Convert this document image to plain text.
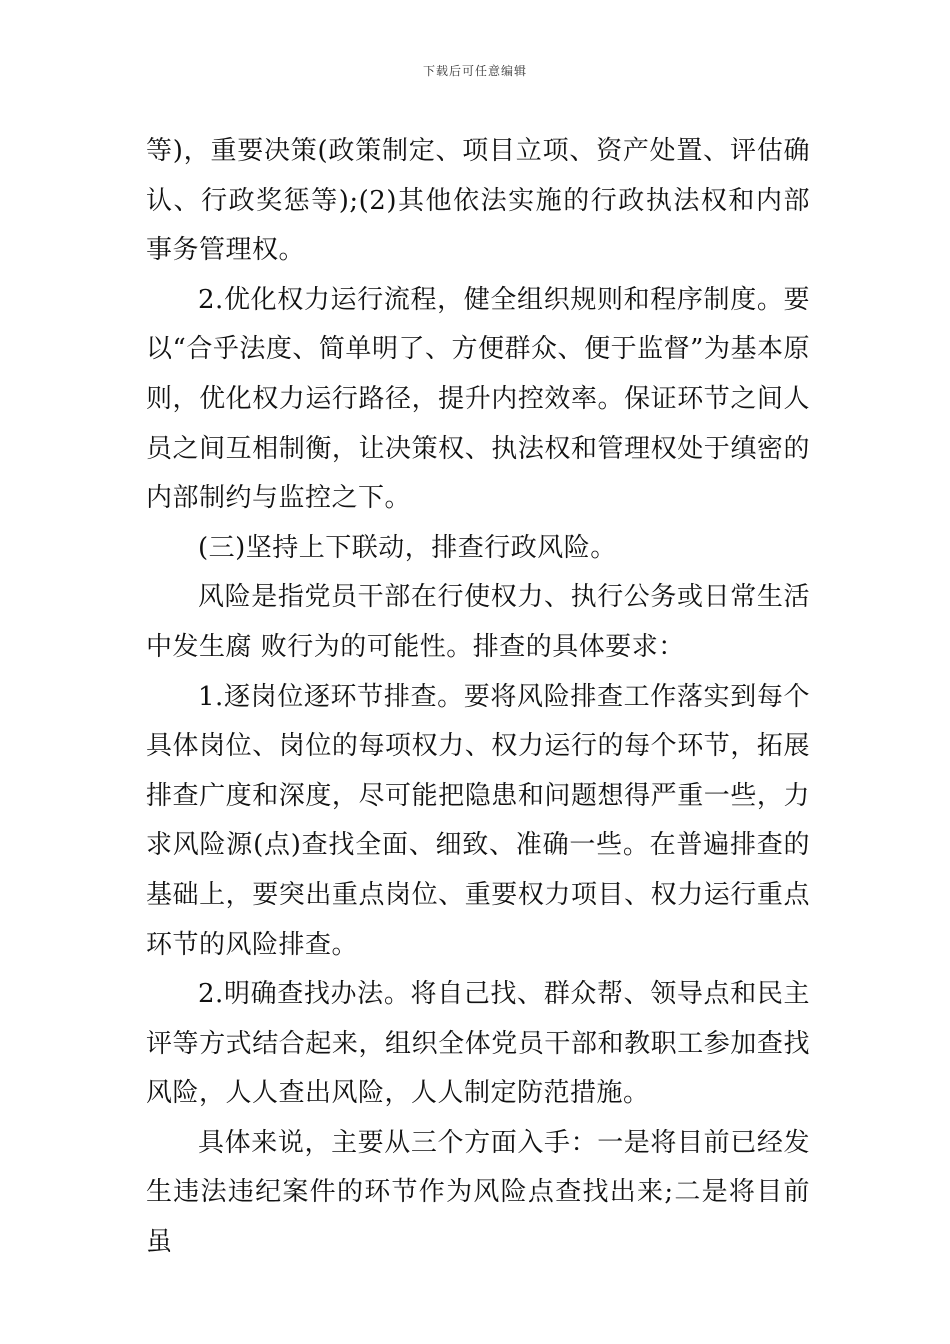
下载后可任意编辑

等)，重要决策(政策制定、项目立项、资产处置、评估确认、行政奖惩等);(2)其他依法实施的行政执法权和内部事务管理权。

2.优化权力运行流程，健全组织规则和程序制度。要以“合乎法度、简单明了、方便群众、便于监督”为基本原则，优化权力运行路径，提升内控效率。保证环节之间人员之间互相制衡，让决策权、执法权和管理权处于缜密的内部制约与监控之下。

(三)坚持上下联动，排查行政风险。

风险是指党员干部在行使权力、执行公务或日常生活中发生腐 败行为的可能性。排查的具体要求：

1.逐岗位逐环节排查。要将风险排查工作落实到每个具体岗位、岗位的每项权力、权力运行的每个环节，拓展排查广度和深度，尽可能把隐患和问题想得严重一些，力求风险源(点)查找全面、细致、准确一些。在普遍排查的基础上，要突出重点岗位、重要权力项目、权力运行重点环节的风险排查。

2.明确查找办法。将自己找、群众帮、领导点和民主评等方式结合起来，组织全体党员干部和教职工参加查找风险，人人查出风险，人人制定防范措施。

具体来说，主要从三个方面入手：一是将目前已经发生违法违纪案件的环节作为风险点查找出来;二是将目前虽
